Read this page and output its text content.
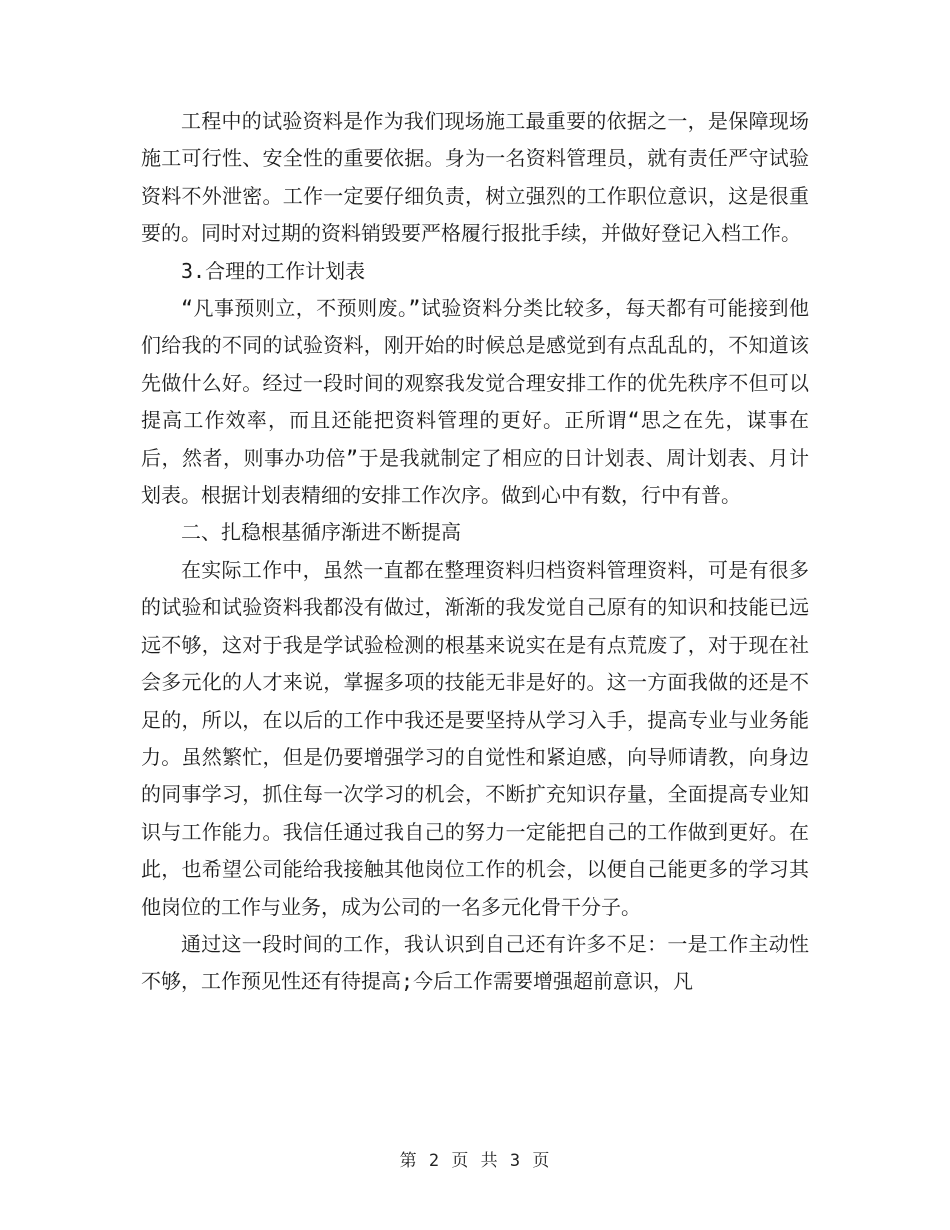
工程中的试验资料是作为我们现场施工最重要的依据之一，是保障现场施工可行性、安全性的重要依据。身为一名资料管理员，就有责任严守试验资料不外泄密。工作一定要仔细负责，树立强烈的工作职位意识，这是很重要的。同时对过期的资料销毁要严格履行报批手续，并做好登记入档工作。

3.合理的工作计划表

“凡事预则立，不预则废。”试验资料分类比较多，每天都有可能接到他们给我的不同的试验资料，刚开始的时候总是感觉到有点乱乱的，不知道该先做什么好。经过一段时间的观察我发觉合理安排工作的优先秩序不但可以提高工作效率，而且还能把资料管理的更好。正所谓“思之在先，谋事在后，然者，则事办功倍”于是我就制定了相应的日计划表、周计划表、月计划表。根据计划表精细的安排工作次序。做到心中有数，行中有普。

二、扎稳根基循序渐进不断提高

在实际工作中，虽然一直都在整理资料归档资料管理资料，可是有很多的试验和试验资料我都没有做过，渐渐的我发觉自己原有的知识和技能已远远不够，这对于我是学试验检测的根基来说实在是有点荒废了，对于现在社会多元化的人才来说，掌握多项的技能无非是好的。这一方面我做的还是不足的，所以，在以后的工作中我还是要坚持从学习入手，提高专业与业务能力。虽然繁忙，但是仍要增强学习的自觉性和紧迫感，向导师请教，向身边的同事学习，抓住每一次学习的机会，不断扩充知识存量，全面提高专业知识与工作能力。我信任通过我自己的努力一定能把自己的工作做到更好。在此，也希望公司能给我接触其他岗位工作的机会，以便自己能更多的学习其他岗位的工作与业务，成为公司的一名多元化骨干分子。

通过这一段时间的工作，我认识到自己还有许多不足：一是工作主动性不够，工作预见性还有待提高;今后工作需要增强超前意识，凡

第 2 页 共 3 页
